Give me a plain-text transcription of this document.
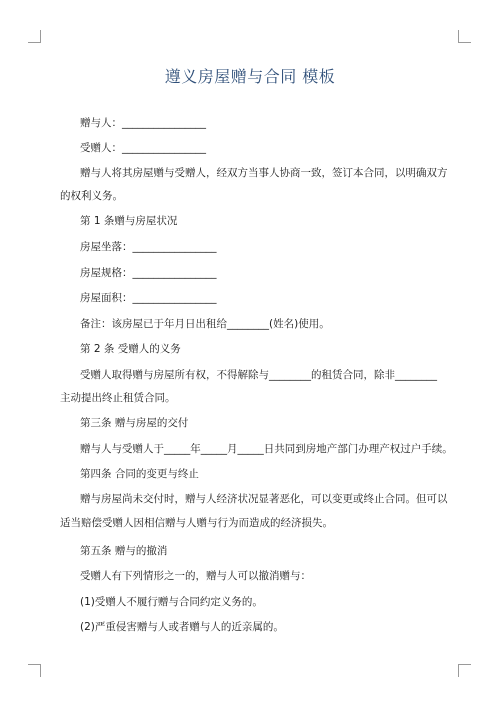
遵义房屋赠与合同 模板
赠与人：________________
受赠人：________________
赠与人将其房屋赠与受赠人，经双方当事人协商一致，签订本合同，以明确双方
的权利义务。
第 1 条赠与房屋状况
房屋坐落：________________
房屋规格：________________
房屋面积：________________
备注：该房屋已于年月日出租给________(姓名)使用。
第 2 条 受赠人的义务
受赠人取得赠与房屋所有权，不得解除与________的租赁合同，除非________
主动提出终止租赁合同。
第三条 赠与房屋的交付
赠与人与受赠人于_____年_____月_____日共同到房地产部门办理产权过户手续。
第四条 合同的变更与终止
赠与房屋尚未交付时，赠与人经济状况显著恶化，可以变更或终止合同。但可以
适当赔偿受赠人因相信赠与人赠与行为而造成的经济损失。
第五条 赠与的撤消
受赠人有下列情形之一的，赠与人可以撤消赠与：
(1)受赠人不履行赠与合同约定义务的。
(2)严重侵害赠与人或者赠与人的近亲属的。
